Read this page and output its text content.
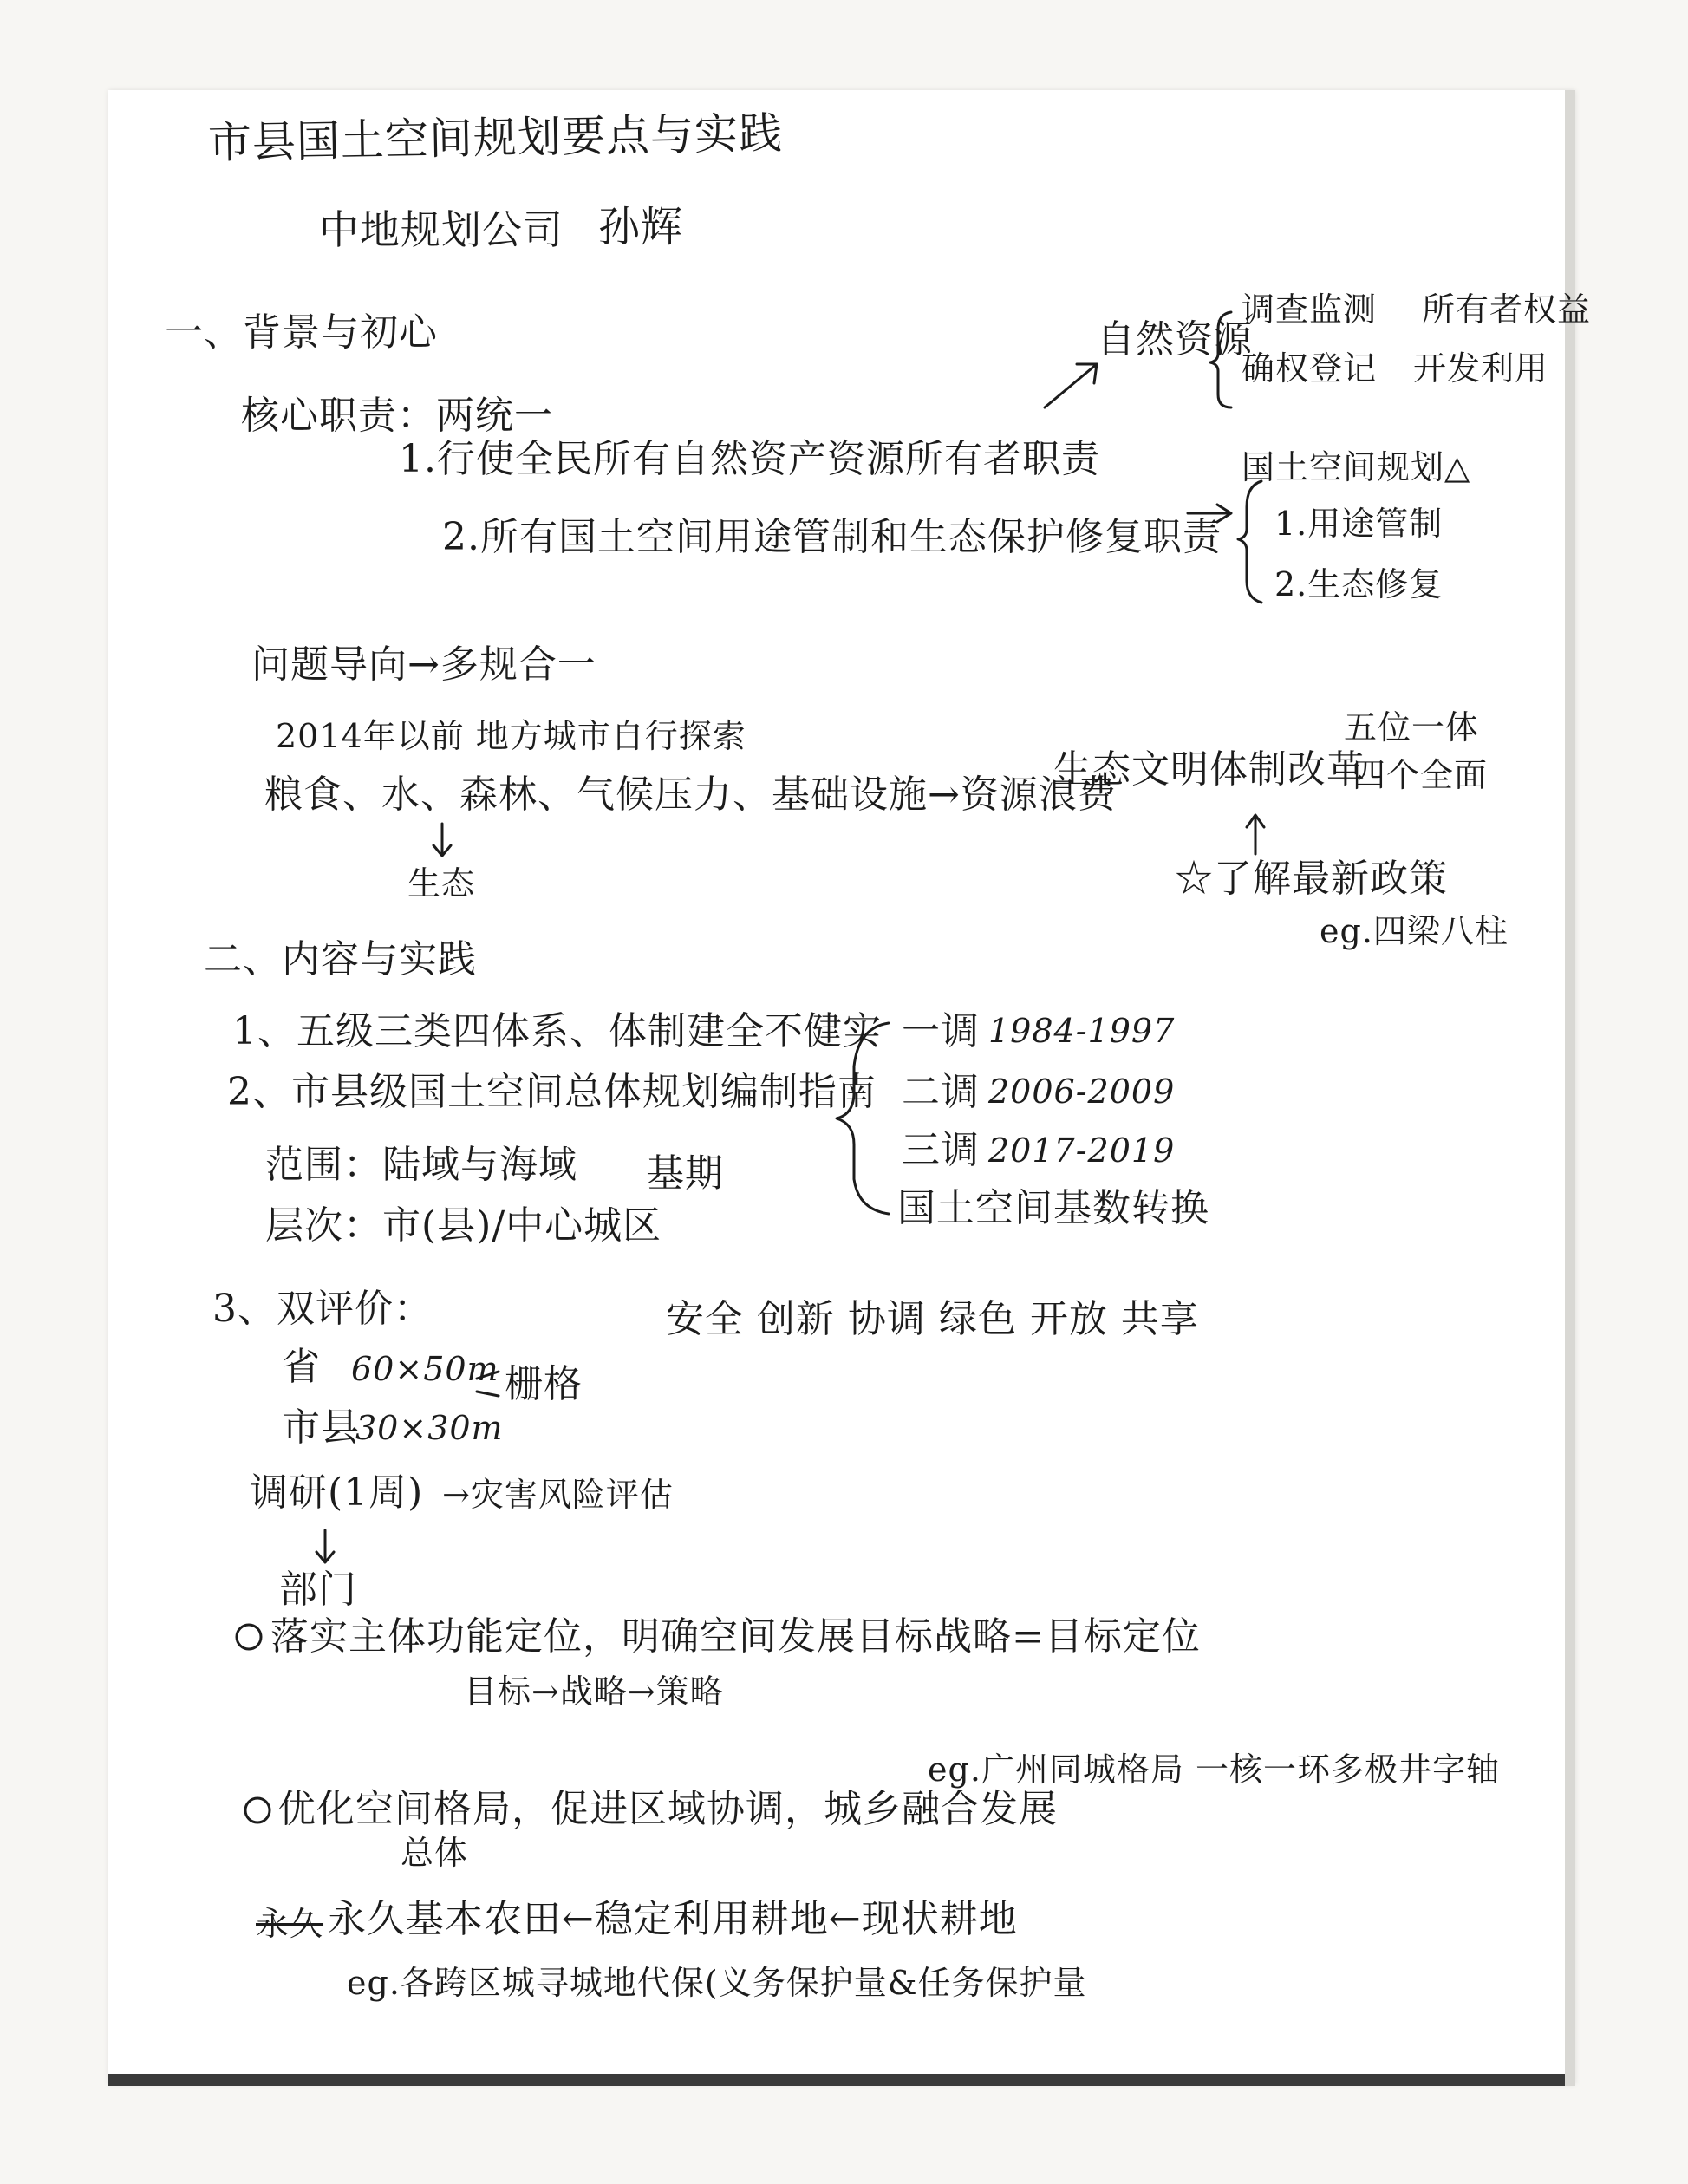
市县国土空间规划要点与实践
中地规划公司 孙辉
一、背景与初心
核心职责：两统一
1.行使全民所有自然资产资源所有者职责
2.所有国土空间用途管制和生态保护修复职责
自然资源
调查监测 所有者权益
确权登记 开发利用
国土空间规划△
1.用途管制
2.生态修复
问题导向→多规合一
2014年以前 地方城市自行探索
粮食、水、森林、气候压力、基础设施→资源浪费
生态
生态文明体制改革
五位一体
四个全面
☆了解最新政策
eg.四梁八柱
二、内容与实践
1、五级三类四体系、体制建全不健实
2、市县级国土空间总体规划编制指南
范围：陆域与海域
层次：市(县)/中心城区
基期
一调 1984-1997
二调 2006-2009
三调 2017-2019
国土空间基数转换
3、双评价：
省 60×50m
市县
30×30m
栅格
安全 创新 协调 绿色 开放 共享
调研(1周) →灾害风险评估
部门
落实主体功能定位，明确空间发展目标战略=目标定位
目标→战略→策略
优化空间格局，促进区域协调，城乡融合发展
eg.广州同城格局 一核一环多极井字轴
总体
永久 永久基本农田←稳定利用耕地←现状耕地
eg.各跨区城寻城地代保(义务保护量&任务保护量
